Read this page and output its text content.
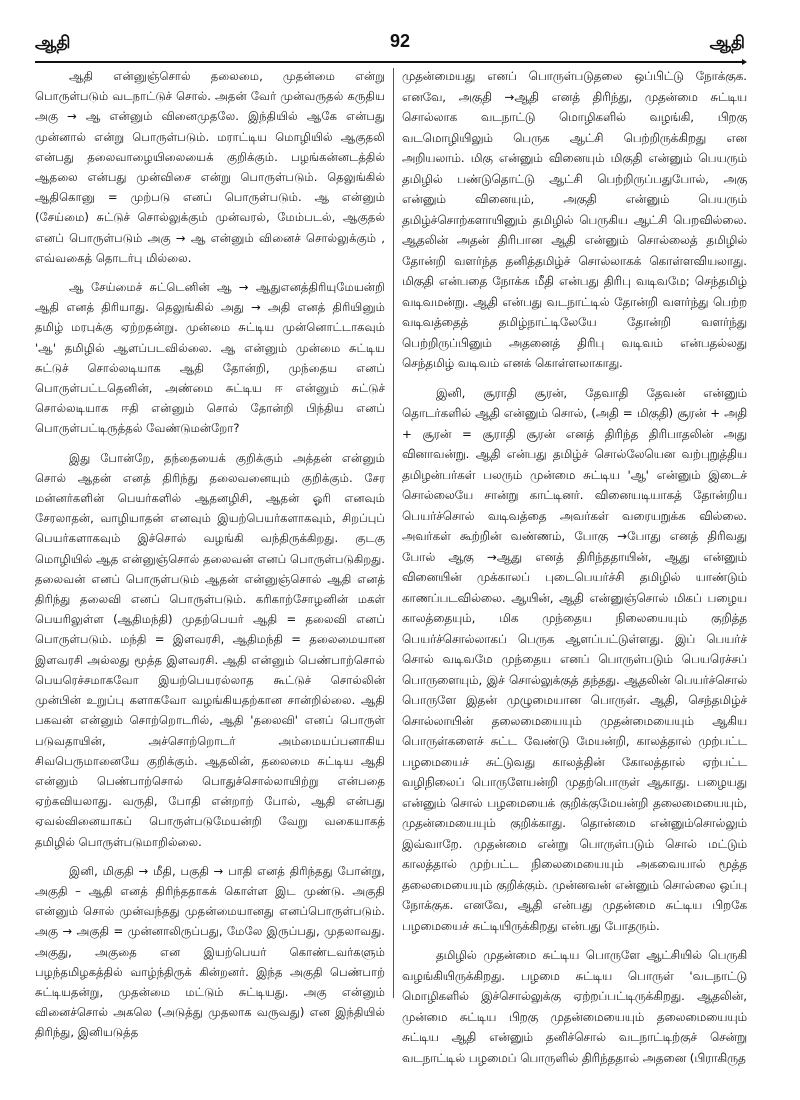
ஆதி	92	ஆதி

ஆதி என்னுஞ்சொல் தலைமை, முதன்மை என்று பொருள்படும் வடநாட்டுச் சொல். அதன் வேர் முன்வருதல் கருதிய அகு → ஆ என்னும் வினைமுதலே. இந்தியில் ஆகே என்பது முன்னால் என்று பொருள்படும். மராட்டிய மொழியில் ஆகுதலி என்பது தலைவாழையிலையைக் குறிக்கும். பழங்கன்னடத்தில் ஆதலை என்பது முன்விசை என்று பொருள்படும். தெலுங்கில் ஆதிகொனு = முற்படு எனப் பொருள்படும். ஆ என்னும் (சேய்மை) சுட்டுச் சொல்லுக்கும் முன்வரல், மேம்படல், ஆகுதல் எனப் பொருள்படும் அகு → ஆ என்னும் வினைச் சொல்லுக்கும் , எவ்வகைத் தொடர்பு மில்லை.

ஆ சேய்மைச் சுட்டெனின் ஆ → ஆதுஎனத்திரியுமேயன்றி ஆதி எனத் திரியாது. தெலுங்கில் அது → அதி எனத் திரியினும் தமிழ் மரபுக்கு ஏற்றதன்று. முன்மை சுட்டிய முன்னொட்டாகவும் 'ஆ' தமிழில் ஆளப்படவில்லை. ஆ என்னும் முன்மை சுட்டிய சுட்டுச் சொல்லடியாக ஆதி தோன்றி, முந்தைய எனப் பொருள்பட்டதெனின், அண்மை சுட்டிய ஈ என்னும் சுட்டுச் சொல்லடியாக ஈதி என்னும் சொல் தோன்றி பிந்திய எனப் பொருள்பட்டிருத்தல் வேண்டுமன்றோ?

இது போன்றே, தந்தையைக் குறிக்கும் அத்தன் என்னும் சொல் ஆதன் எனத் திரிந்து தலைவனையும் குறிக்கும். சேர மன்னர்களின் பெயர்களில் ஆதனழிசி, ஆதன் ஓரி எனவும் சேரலாதன், வாழியாதன் எனவும் இயற்பெயர்களாகவும், சிறப்புப் பெயர்களாகவும் இச்சொல் வழங்கி வந்திருக்கிறது. குடகு மொழியில் ஆத என்னுஞ்சொல் தலைவன் எனப் பொருள்படுகிறது. தலைவன் எனப் பொருள்படும் ஆதன் என்னுஞ்சொல் ஆதி எனத் திரிந்து தலைவி எனப் பொருள்படும். கரிகாற்சோழனின் மகள் பெயரிலுள்ள (ஆதிமந்தி) முதற்பெயர் ஆதி = தலைவி எனப் பொருள்படும். மந்தி = இளவரசி, ஆதிமந்தி = தலைமையான இளவரசி அல்லது மூத்த இளவரசி. ஆதி என்னும் பெண்பாற்சொல் பெயரெச்சமாகவோ இயற்பெயரல்லாத கூட்டுச் சொல்லின் முன்பின் உறுப்பு களாகவோ வழங்கியதற்கான சான்றில்லை. ஆதி பகவன் என்னும் சொற்றொடரில், ஆதி 'தலைவி' எனப் பொருள் படுவதாயின், அச்சொற்றொடர் அம்மையப்பனாகிய சிவபெருமானையே குறிக்கும். ஆதலின், தலைமை சுட்டிய ஆதி என்னும் பெண்பாற்சொல் பொதுச்சொல்லாயிற்று என்பதை ஏற்கவியலாது. வருதி, போதி என்றாற் போல், ஆதி என்பது ஏவல்வினையாகப் பொருள்படுமேயன்றி வேறு வகையாகத் தமிழில் பொருள்படுமாறில்லை.

இனி, மிகுதி → மீதி, பகுதி → பாதி எனத் திரிந்தது போன்று, அகுதி – ஆதி எனத் திரிந்ததாகக் கொள்ள இட முண்டு. அகுதி என்னும் சொல் முன்வந்தது முதன்மையானது எனப்பொருள்படும். அகு → அகுதி = முன்னாலிருப்பது, மேலே இருப்பது, முதலாவது. அகுது, அகுதை என இயற்பெயர் கொண்டவர்களும் பழந்தமிழகத்தில் வாழ்ந்திருக் கின்றனர். இந்த அகுதி பெண்பாற் சுட்டியதன்று, முதன்மை மட்டும் சுட்டியது. அகு என்னும் வினைச்சொல் அகலெ (அடுத்து முதலாக வருவது) என இந்தியில் திரிந்து, இனியடுத்த

முதன்மையது எனப் பொருள்படுதலை ஒப்பிட்டு நோக்குக. எனவே, அகுதி →ஆதி எனத் திரிந்து, முதன்மை சுட்டிய சொல்லாக வடநாட்டு மொழிகளில் வழங்கி, பிறகு வடமொழியிலும் பெருக ஆட்சி பெற்றிருக்கிறது என அறியலாம். மிகு என்னும் வினையும் மிகுதி என்னும் பெயரும் தமிழில் பண்டுதொட்டு ஆட்சி பெற்றிருப்பதுபோல், அகு என்னும் வினையும், அகுதி என்னும் பெயரும் தமிழ்ச்சொற்களாயினும் தமிழில் பெருகிய ஆட்சி பெறவில்லை. ஆதலின் அதன் திரிபான ஆதி என்னும் சொல்லைத் தமிழில் தோன்றி வளர்ந்த தனித்தமிழ்ச் சொல்லாகக் கொள்ளவியலாது. மிகுதி என்பதை நோக்க மீதி என்பது திரிபு வடிவமே; செந்தமிழ் வடிவமன்று. ஆதி என்பது வடநாட்டில் தோன்றி வளர்ந்து பெற்ற வடிவத்தைத் தமிழ்நாட்டிலேயே தோன்றி வளர்ந்து பெற்றிருப்பினும் அதனைத் திரிபு வடிவம் என்பதல்லது செந்தமிழ் வடிவம் எனக் கொள்ளலாகாது.

இனி, சூராதி சூரன், தேவாதி தேவன் என்னும் தொடர்களில் ஆதி என்னும் சொல், (அதி = மிகுதி) சூரன் + அதி + சூரன் = சூராதி சூரன் எனத் திரிந்த திரிபாதலின் அது வினாவன்று. ஆதி என்பது தமிழ்ச் சொல்லேயென வற்புறுத்திய தமிழன்பர்கள் பலரும் முன்மை சுட்டிய 'ஆ' என்னும் இடைச் சொல்லையே சான்று காட்டினர். வினையடியாகத் தோன்றிய பெயர்ச்சொல் வடிவத்தை அவர்கள் வரையறுக்க வில்லை. அவர்கள் கூற்றின் வண்ணம், போகு →போது எனத் திரிவது போல் ஆகு →ஆது எனத் திரிந்ததாயின், ஆது என்னும் வினையின் முக்காலப் புடைபெயர்ச்சி தமிழில் யாண்டும் காணப்படவில்லை. ஆயின், ஆதி என்னுஞ்சொல் மிகப் பழைய காலத்தையும், மிக முந்தைய நிலையையும் குறித்த பெயர்ச்சொல்லாகப் பெருக ஆளப்பட்டுள்ளது. இப் பெயர்ச் சொல் வடிவமே முந்தைய எனப் பொருள்படும் பெயரெச்சப் பொருளையும், இச் சொல்லுக்குத் தந்தது. ஆதலின் பெயர்ச்சொல் பொருளே இதன் முழுமையான பொருள். ஆதி, செந்தமிழ்ச் சொல்லாயின் தலைமையையும் முதன்மையையும் ஆகிய பொருள்களைச் சுட்ட வேண்டு மேயன்றி, காலத்தால் முற்பட்ட பழமையைச் சுட்டுவது காலத்தின் கோலத்தால் ஏற்பட்ட வழிநிலைப் பொருளேயன்றி முதற்பொருள் ஆகாது. பழையது என்னும் சொல் பழமையைக் குறிக்குமேயன்றி தலைமையையும், முதன்மையையும் குறிக்காது. தொன்மை என்னும்சொல்லும் இவ்வாறே. முதன்மை என்று பொருள்படும் சொல் மட்டும் காலத்தால் முற்பட்ட நிலைமையையும் அகவையால் மூத்த தலைமையையும் குறிக்கும். முன்னவன் என்னும் சொல்லை ஒப்பு நோக்குக. எனவே, ஆதி என்பது முதன்மை சுட்டிய பிறகே பழமையைச் சுட்டியிருக்கிறது என்பது போதரும்.

தமிழில் முதன்மை சுட்டிய பொருளே ஆட்சியில் பெருகி வழங்கியிருக்கிறது. பழமை சுட்டிய பொருள் 'வடநாட்டு மொழிகளில் இச்சொல்லுக்கு ஏற்றப்பட்டிருக்கிறது. ஆதலின், முன்மை சுட்டிய பிறகு முதன்மையையும் தலைமையையும் சுட்டிய ஆதி என்னும் தனிச்சொல் வடநாட்டிற்குச் சென்று வடநாட்டில் பழமைப் பொருளில் திரிந்ததால் அதனை (பிராகிருத
